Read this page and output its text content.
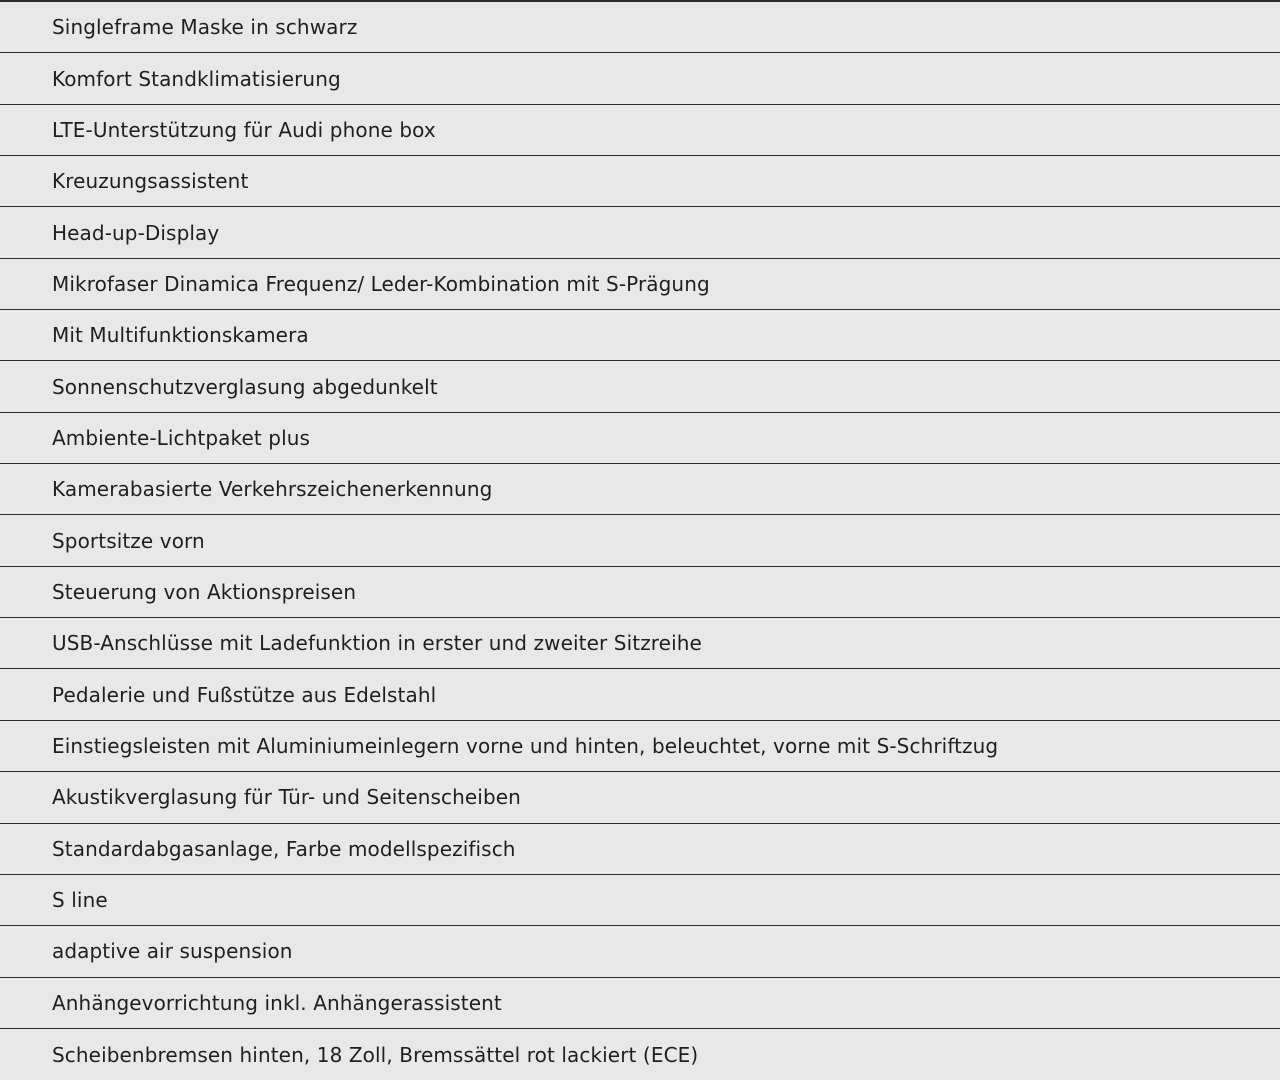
Singleframe Maske in schwarz
Komfort Standklimatisierung
LTE-Unterstützung für Audi phone box
Kreuzungsassistent
Head-up-Display
Mikrofaser Dinamica Frequenz/ Leder-Kombination mit S-Prägung
Mit Multifunktionskamera
Sonnenschutzverglasung abgedunkelt
Ambiente-Lichtpaket plus
Kamerabasierte Verkehrszeichenerkennung
Sportsitze vorn
Steuerung von Aktionspreisen
USB-Anschlüsse mit Ladefunktion in erster und zweiter Sitzreihe
Pedalerie und Fußstütze aus Edelstahl
Einstiegsleisten mit Aluminiumeinlegern vorne und hinten, beleuchtet, vorne mit S-Schriftzug
Akustikverglasung für Tür- und Seitenscheiben
Standardabgasanlage, Farbe modellspezifisch
S line
adaptive air suspension
Anhängevorrichtung inkl. Anhängerassistent
Scheibenbremsen hinten, 18 Zoll, Bremssättel rot lackiert (ECE)
